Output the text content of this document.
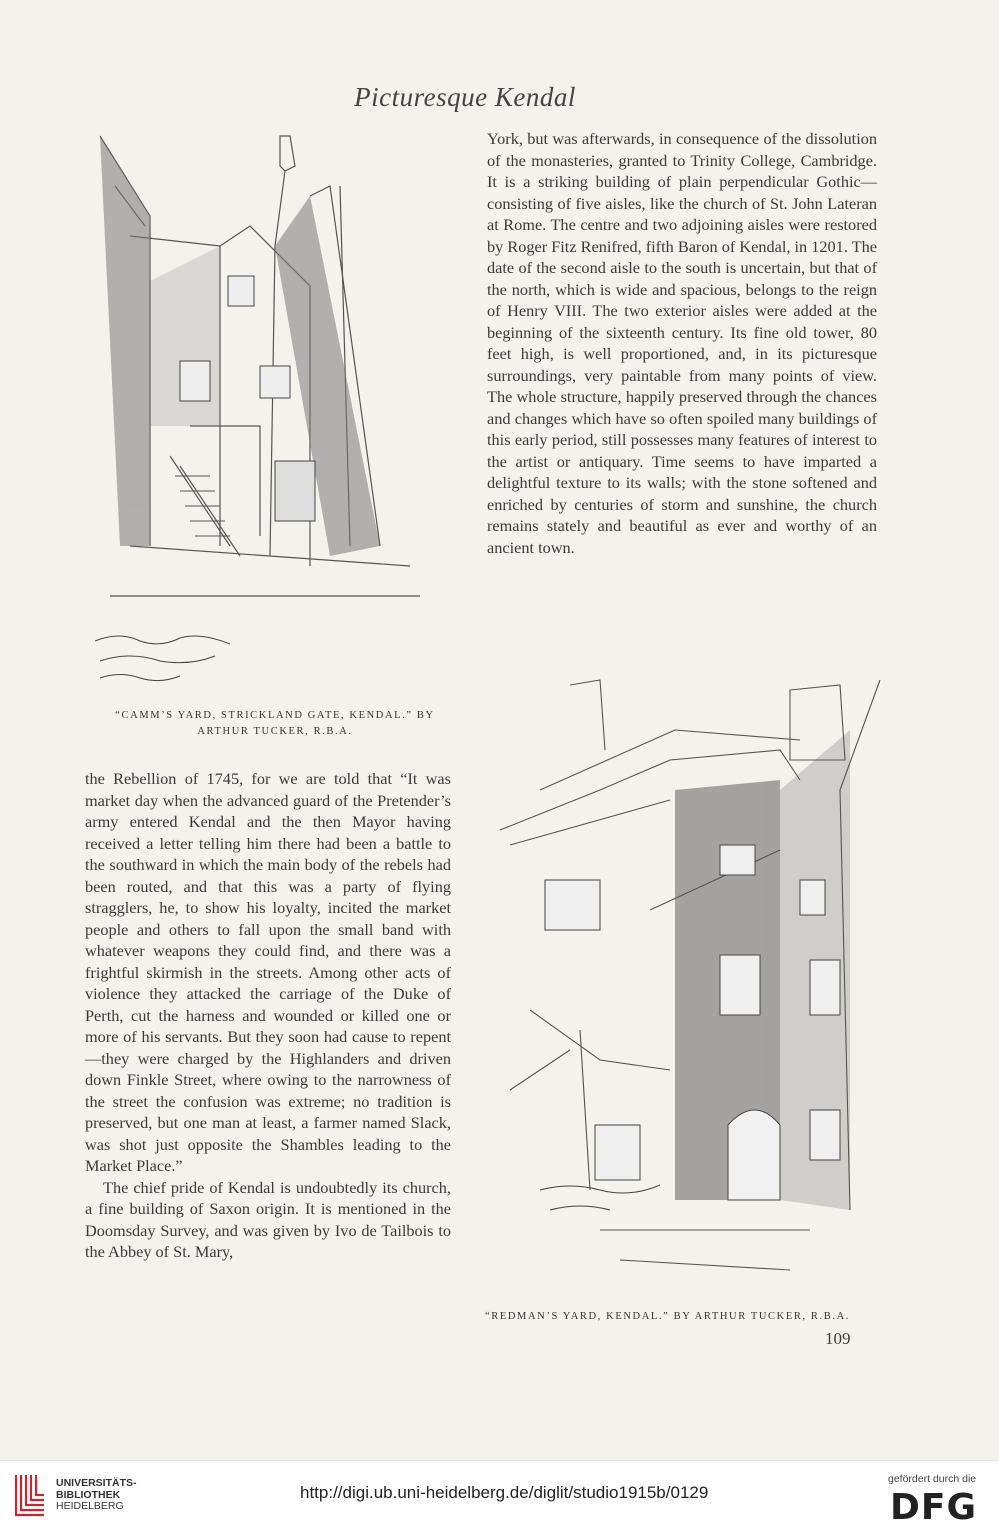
Picturesque Kendal
“CAMM’S YARD, STRICKLAND GATE, KENDAL.” BY
ARTHUR TUCKER, R.B.A.

York, but was afterwards, in consequence of the dissolution of the monasteries, granted to Trinity College, Cambridge. It is a striking building of plain perpendicular Gothic—consisting of five aisles, like the church of St. John Lateran at Rome. The centre and two adjoining aisles were restored by Roger Fitz Renifred, fifth Baron of Kendal, in 1201. The date of the second aisle to the south is uncertain, but that of the north, which is wide and spacious, belongs to the reign of Henry VIII. The two exterior aisles were added at the beginning of the sixteenth century. Its fine old tower, 80 feet high, is well proportioned, and, in its picturesque surroundings, very paintable from many points of view. The whole structure, happily preserved through the chances and changes which have so often spoiled many buildings of this early period, still possesses many features of interest to the artist or antiquary. Time seems to have imparted a delightful texture to its walls; with the stone softened and enriched by centuries of storm and sunshine, the church remains stately and beautiful as ever and worthy of an ancient town.

the Rebellion of 1745, for we are told that “It was market day when the advanced guard of the Pretender’s army entered Kendal and the then Mayor having received a letter telling him there had been a battle to the southward in which the main body of the rebels had been routed, and that this was a party of flying stragglers, he, to show his loyalty, incited the market people and others to fall upon the small band with whatever weapons they could find, and there was a frightful skirmish in the streets. Among other acts of violence they attacked the carriage of the Duke of Perth, cut the harness and wounded or killed one or more of his servants. But they soon had cause to repent—they were charged by the Highlanders and driven down Finkle Street, where owing to the narrowness of the street the confusion was extreme; no tradition is preserved, but one man at least, a farmer named Slack, was shot just opposite the Shambles leading to the Market Place.”

The chief pride of Kendal is undoubtedly its church, a fine building of Saxon origin. It is mentioned in the Doomsday Survey, and was given by Ivo de Tailbois to the Abbey of St. Mary,

“REDMAN’S YARD, KENDAL.” BY ARTHUR TUCKER, R.B.A.
109
UNIVERSITÄTS-
BIBLIOTHEK
HEIDELBERG
http://digi.ub.uni-heidelberg.de/diglit/studio1915b/0129
gefördert durch die
DFG
